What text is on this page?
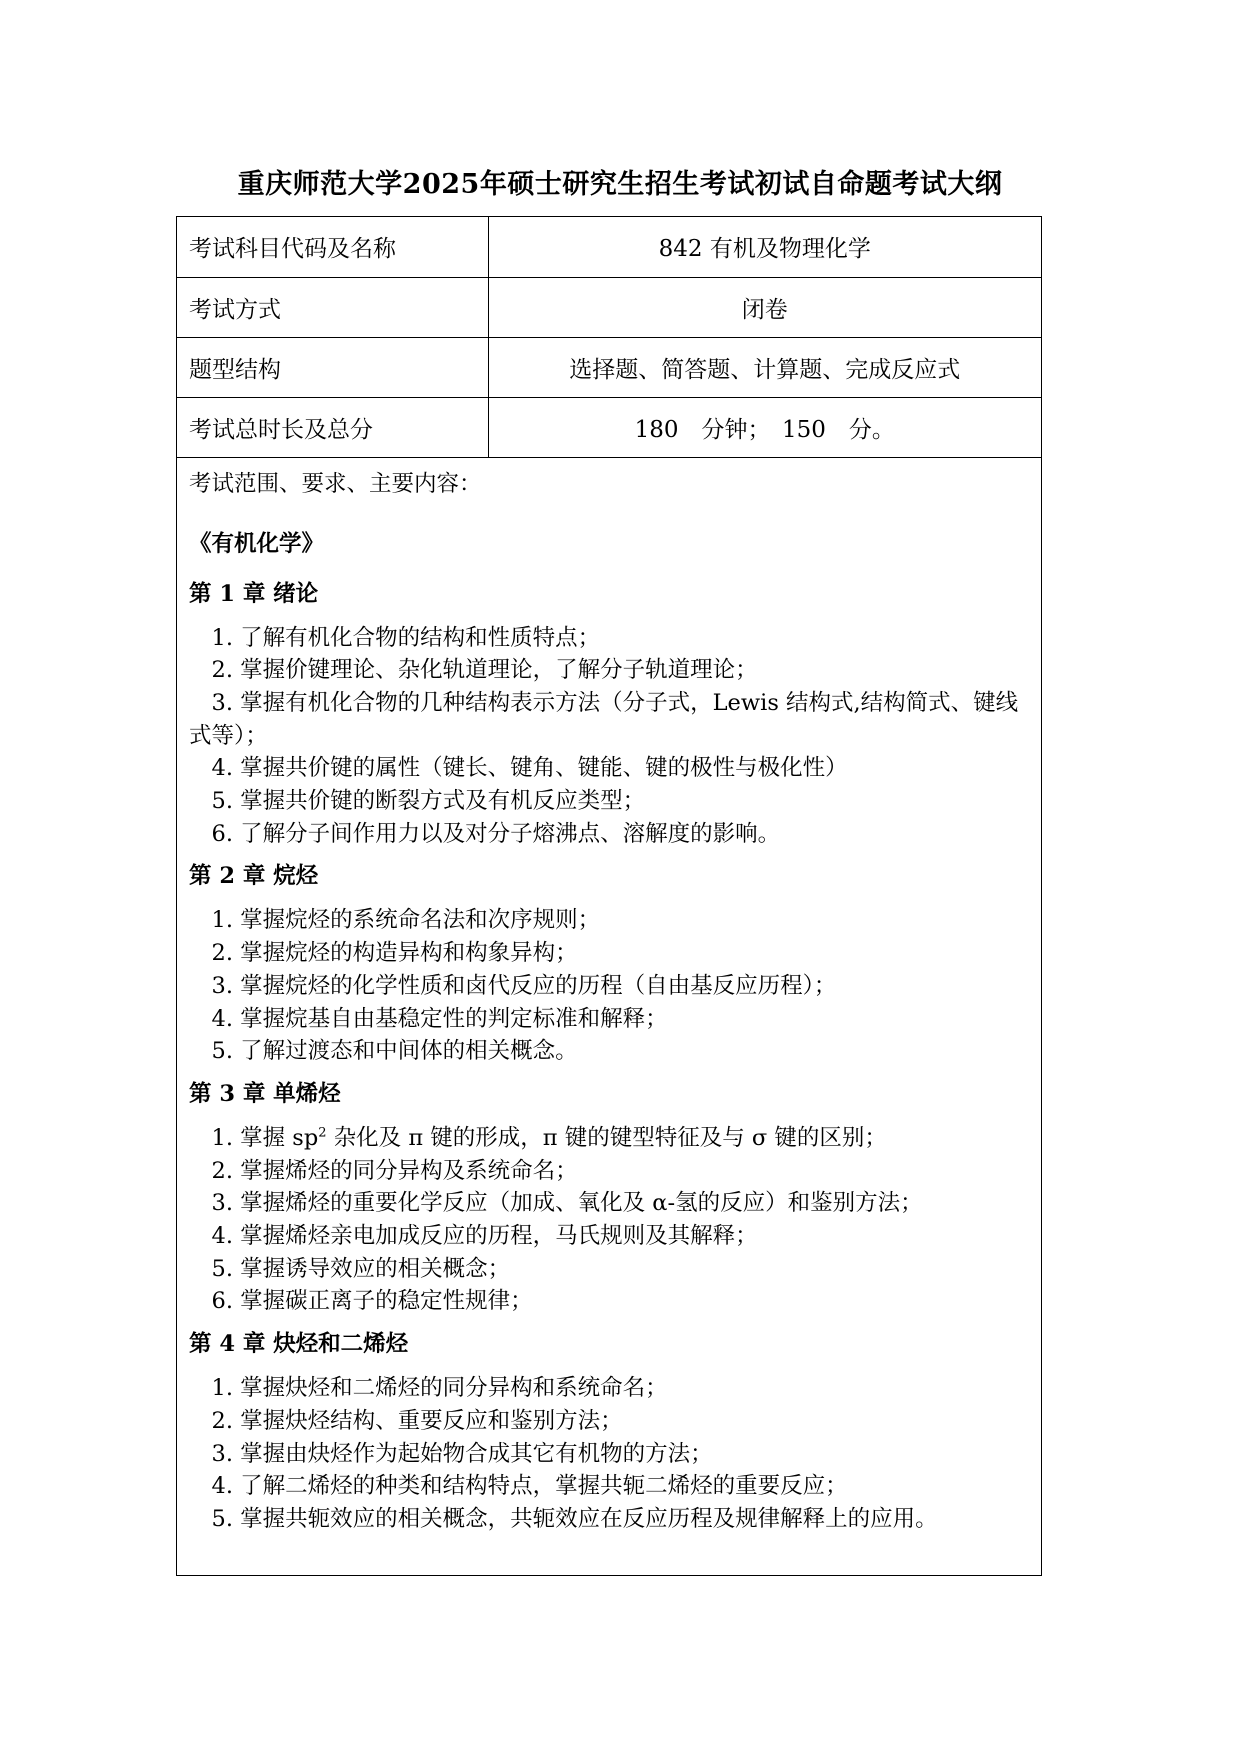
重庆师范大学2025年硕士研究生招生考试初试自命题考试大纲
考试科目代码及名称	842 有机及物理化学
考试方式	闭卷
题型结构	选择题、简答题、计算题、完成反应式
考试总时长及总分	180　分钟；　150　分。
考试范围、要求、主要内容：
《有机化学》
第 1 章 绪论
1. 了解有机化合物的结构和性质特点；
2. 掌握价键理论、杂化轨道理论，了解分子轨道理论；
3. 掌握有机化合物的几种结构表示方法（分子式，Lewis 结构式,结构简式、键线式等）；
4. 掌握共价键的属性（键长、键角、键能、键的极性与极化性）
5. 掌握共价键的断裂方式及有机反应类型；
6. 了解分子间作用力以及对分子熔沸点、溶解度的影响。
第 2 章 烷烃
1. 掌握烷烃的系统命名法和次序规则；
2. 掌握烷烃的构造异构和构象异构；
3. 掌握烷烃的化学性质和卤代反应的历程（自由基反应历程）；
4. 掌握烷基自由基稳定性的判定标准和解释；
5. 了解过渡态和中间体的相关概念。
第 3 章 单烯烃
1. 掌握 $sp^2$ 杂化及 π 键的形成，π 键的键型特征及与 σ 键的区别；
2. 掌握烯烃的同分异构及系统命名；
3. 掌握烯烃的重要化学反应（加成、氧化及 α-氢的反应）和鉴别方法；
4. 掌握烯烃亲电加成反应的历程，马氏规则及其解释；
5. 掌握诱导效应的相关概念；
6. 掌握碳正离子的稳定性规律；
第 4 章 炔烃和二烯烃
1. 掌握炔烃和二烯烃的同分异构和系统命名；
2. 掌握炔烃结构、重要反应和鉴别方法；
3. 掌握由炔烃作为起始物合成其它有机物的方法；
4. 了解二烯烃的种类和结构特点，掌握共轭二烯烃的重要反应；
5. 掌握共轭效应的相关概念，共轭效应在反应历程及规律解释上的应用。
